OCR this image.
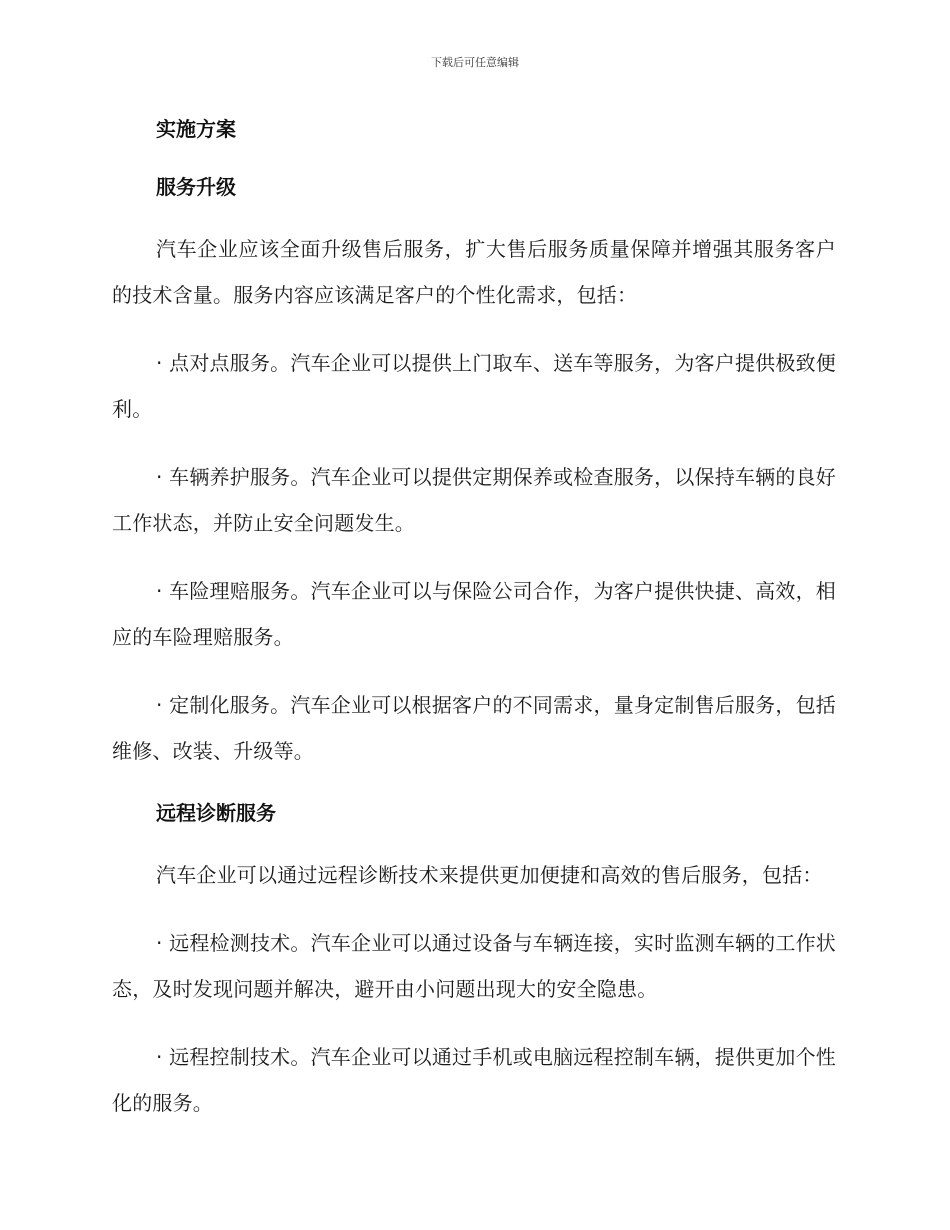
下载后可任意编辑
实施方案
服务升级

汽车企业应该全面升级售后服务，扩大售后服务质量保障并增强其服务客户的技术含量。服务内容应该满足客户的个性化需求，包括：

· 点对点服务。汽车企业可以提供上门取车、送车等服务，为客户提供极致便利。

· 车辆养护服务。汽车企业可以提供定期保养或检查服务，以保持车辆的良好工作状态，并防止安全问题发生。

· 车险理赔服务。汽车企业可以与保险公司合作，为客户提供快捷、高效，相应的车险理赔服务。

· 定制化服务。汽车企业可以根据客户的不同需求，量身定制售后服务，包括维修、改装、升级等。

远程诊断服务

汽车企业可以通过远程诊断技术来提供更加便捷和高效的售后服务，包括：

· 远程检测技术。汽车企业可以通过设备与车辆连接，实时监测车辆的工作状态，及时发现问题并解决，避开由小问题出现大的安全隐患。

· 远程控制技术。汽车企业可以通过手机或电脑远程控制车辆，提供更加个性化的服务。
